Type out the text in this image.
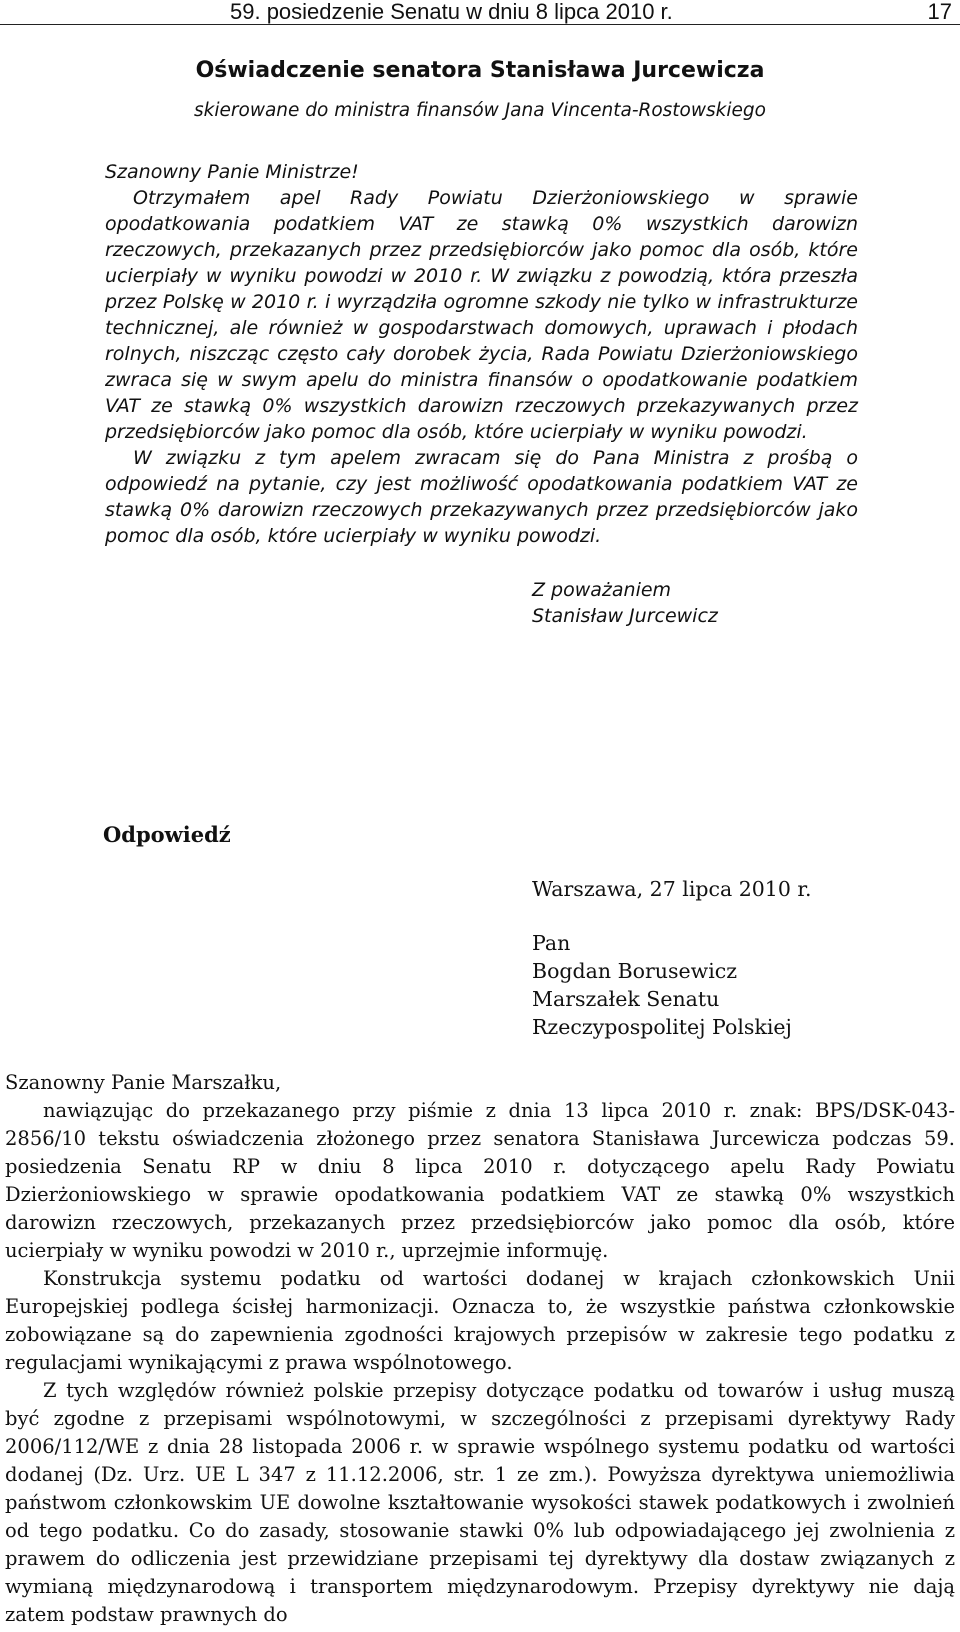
59. posiedzenie Senatu w dniu 8 lipca 2010 r.	17
Oświadczenie senatora Stanisława Jurcewicza
skierowane do ministra finansów Jana Vincenta-Rostowskiego

Szanowny Panie Ministrze!

Otrzymałem apel Rady Powiatu Dzierżoniowskiego w sprawie opodatkowania podatkiem VAT ze stawką 0% wszystkich darowizn rzeczowych, przekazanych przez przedsiębiorców jako pomoc dla osób, które ucierpiały w wyniku powodzi w 2010 r. W związku z powodzią, która przeszła przez Polskę w 2010 r. i wyrządziła ogromne szkody nie tylko w infrastrukturze technicznej, ale również w gospodarstwach domowych, uprawach i płodach rolnych, niszcząc często cały dorobek życia, Rada Powiatu Dzierżoniowskiego zwraca się w swym apelu do ministra finansów o opodatkowanie podatkiem VAT ze stawką 0% wszystkich darowizn rzeczowych przekazywanych przez przedsiębiorców jako pomoc dla osób, które ucierpiały w wyniku powodzi.

W związku z tym apelem zwracam się do Pana Ministra z prośbą o odpowiedź na pytanie, czy jest możliwość opodatkowania podatkiem VAT ze stawką 0% darowizn rzeczowych przekazywanych przez przedsiębiorców jako pomoc dla osób, które ucierpiały w wyniku powodzi.

Z poważaniem
Stanisław Jurcewicz
Odpowiedź
Warszawa, 27 lipca 2010 r.
Pan
Bogdan Borusewicz
Marszałek Senatu
Rzeczypospolitej Polskiej

Szanowny Panie Marszałku,

nawiązując do przekazanego przy piśmie z dnia 13 lipca 2010 r. znak: BPS/DSK-043-2856/10 tekstu oświadczenia złożonego przez senatora Stanisława Jurcewicza podczas 59. posiedzenia Senatu RP w dniu 8 lipca 2010 r. dotyczącego apelu Rady Powiatu Dzierżoniowskiego w sprawie opodatkowania podatkiem VAT ze stawką 0% wszystkich darowizn rzeczowych, przekazanych przez przedsiębiorców jako pomoc dla osób, które ucierpiały w wyniku powodzi w 2010 r., uprzejmie informuję.

Konstrukcja systemu podatku od wartości dodanej w krajach członkowskich Unii Europejskiej podlega ścisłej harmonizacji. Oznacza to, że wszystkie państwa członkowskie zobowiązane są do zapewnienia zgodności krajowych przepisów w zakresie tego podatku z regulacjami wynikającymi z prawa wspólnotowego.

Z tych względów również polskie przepisy dotyczące podatku od towarów i usług muszą być zgodne z przepisami wspólnotowymi, w szczególności z przepisami dyrektywy Rady 2006/112/WE z dnia 28 listopada 2006 r. w sprawie wspólnego systemu podatku od wartości dodanej (Dz. Urz. UE L 347 z 11.12.2006, str. 1 ze zm.). Powyższa dyrektywa uniemożliwia państwom członkowskim UE dowolne kształtowanie wysokości stawek podatkowych i zwolnień od tego podatku. Co do zasady, stosowanie stawki 0% lub odpowiadającego jej zwolnienia z prawem do odliczenia jest przewidziane przepisami tej dyrektywy dla dostaw związanych z wymianą międzynarodową i transportem międzynarodowym. Przepisy dyrektywy nie dają zatem podstaw prawnych do
